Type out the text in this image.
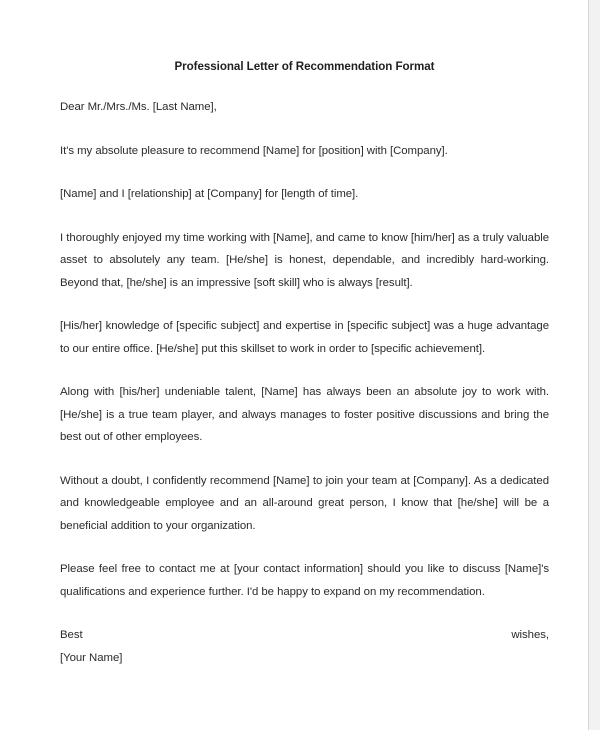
Professional Letter of Recommendation Format
Dear Mr./Mrs./Ms. [Last Name],
It's my absolute pleasure to recommend [Name] for [position] with [Company].
[Name] and I [relationship] at [Company] for [length of time].
I thoroughly enjoyed my time working with [Name], and came to know [him/her] as a truly valuable asset to absolutely any team. [He/she] is honest, dependable, and incredibly hard-working. Beyond that, [he/she] is an impressive [soft skill] who is always [result].
[His/her] knowledge of [specific subject] and expertise in [specific subject] was a huge advantage to our entire office. [He/she] put this skillset to work in order to [specific achievement].
Along with [his/her] undeniable talent, [Name] has always been an absolute joy to work with. [He/she] is a true team player, and always manages to foster positive discussions and bring the best out of other employees.
Without a doubt, I confidently recommend [Name] to join your team at [Company]. As a dedicated and knowledgeable employee and an all-around great person, I know that [he/she] will be a beneficial addition to your organization.
Please feel free to contact me at [your contact information] should you like to discuss [Name]'s qualifications and experience further. I'd be happy to expand on my recommendation.
Best	wishes,
[Your Name]
